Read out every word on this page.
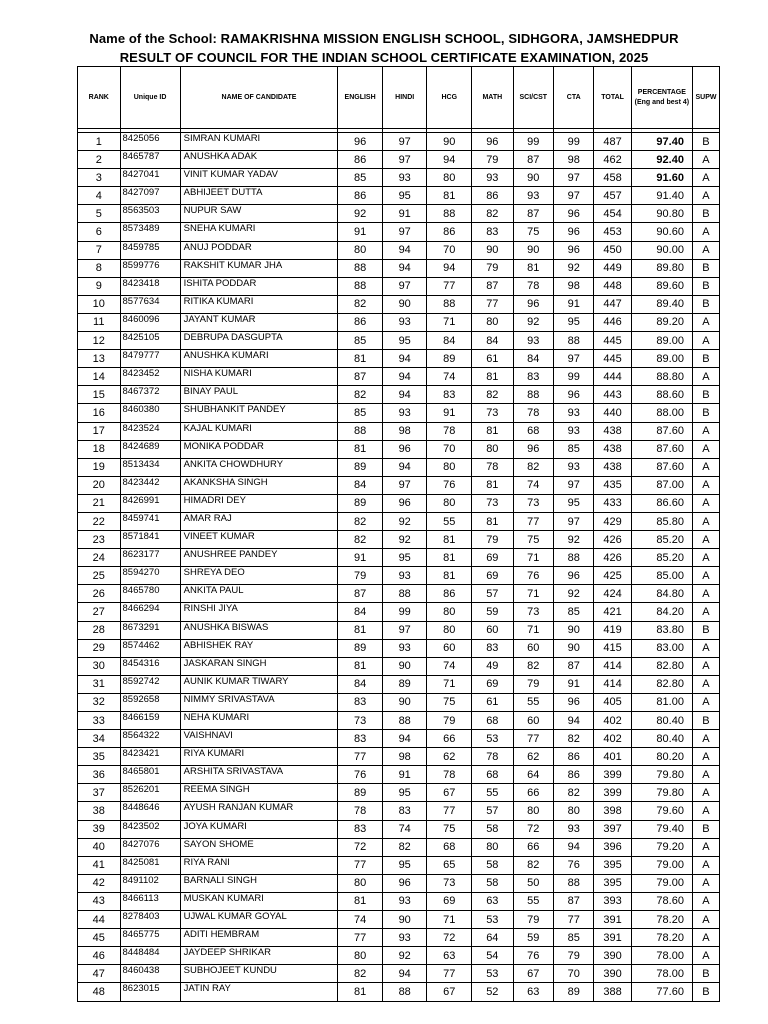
Name of the School: RAMAKRISHNA MISSION ENGLISH SCHOOL, SIDHGORA, JAMSHEDPUR
RESULT OF COUNCIL FOR THE INDIAN SCHOOL CERTIFICATE EXAMINATION, 2025
RANK	Unique ID	NAME OF CANDIDATE	ENGLISH	HINDI	HCG	MATH	SCI/CST	CTA	TOTAL	PERCENTAGE (Eng and best 4)	SUPW

1	8425056	SIMRAN KUMARI	96	97	90	96	99	99	487	97.40	B
2	8465787	ANUSHKA ADAK	86	97	94	79	87	98	462	92.40	A
3	8427041	VINIT KUMAR YADAV	85	93	80	93	90	97	458	91.60	A
4	8427097	ABHIJEET DUTTA	86	95	81	86	93	97	457	91.40	A
5	8563503	NUPUR SAW	92	91	88	82	87	96	454	90.80	B
6	8573489	SNEHA KUMARI	91	97	86	83	75	96	453	90.60	A
7	8459785	ANUJ PODDAR	80	94	70	90	90	96	450	90.00	A
8	8599776	RAKSHIT KUMAR JHA	88	94	94	79	81	92	449	89.80	B
9	8423418	ISHITA PODDAR	88	97	77	87	78	98	448	89.60	B
10	8577634	RITIKA KUMARI	82	90	88	77	96	91	447	89.40	B
11	8460096	JAYANT KUMAR	86	93	71	80	92	95	446	89.20	A
12	8425105	DEBRUPA DASGUPTA	85	95	84	84	93	88	445	89.00	A
13	8479777	ANUSHKA KUMARI	81	94	89	61	84	97	445	89.00	B
14	8423452	NISHA KUMARI	87	94	74	81	83	99	444	88.80	A
15	8467372	BINAY PAUL	82	94	83	82	88	96	443	88.60	B
16	8460380	SHUBHANKIT PANDEY	85	93	91	73	78	93	440	88.00	B
17	8423524	KAJAL KUMARI	88	98	78	81	68	93	438	87.60	A
18	8424689	MONIKA PODDAR	81	96	70	80	96	85	438	87.60	A
19	8513434	ANKITA CHOWDHURY	89	94	80	78	82	93	438	87.60	A
20	8423442	AKANKSHA SINGH	84	97	76	81	74	97	435	87.00	A
21	8426991	HIMADRI DEY	89	96	80	73	73	95	433	86.60	A
22	8459741	AMAR RAJ	82	92	55	81	77	97	429	85.80	A
23	8571841	VINEET KUMAR	82	92	81	79	75	92	426	85.20	A
24	8623177	ANUSHREE PANDEY	91	95	81	69	71	88	426	85.20	A
25	8594270	SHREYA DEO	79	93	81	69	76	96	425	85.00	A
26	8465780	ANKITA PAUL	87	88	86	57	71	92	424	84.80	A
27	8466294	RINSHI JIYA	84	99	80	59	73	85	421	84.20	A
28	8673291	ANUSHKA BISWAS	81	97	80	60	71	90	419	83.80	B
29	8574462	ABHISHEK RAY	89	93	60	83	60	90	415	83.00	A
30	8454316	JASKARAN SINGH	81	90	74	49	82	87	414	82.80	A
31	8592742	AUNIK KUMAR TIWARY	84	89	71	69	79	91	414	82.80	A
32	8592658	NIMMY SRIVASTAVA	83	90	75	61	55	96	405	81.00	A
33	8466159	NEHA KUMARI	73	88	79	68	60	94	402	80.40	B
34	8564322	VAISHNAVI	83	94	66	53	77	82	402	80.40	A
35	8423421	RIYA KUMARI	77	98	62	78	62	86	401	80.20	A
36	8465801	ARSHITA SRIVASTAVA	76	91	78	68	64	86	399	79.80	A
37	8526201	REEMA SINGH	89	95	67	55	66	82	399	79.80	A
38	8448646	AYUSH RANJAN KUMAR	78	83	77	57	80	80	398	79.60	A
39	8423502	JOYA KUMARI	83	74	75	58	72	93	397	79.40	B
40	8427076	SAYON SHOME	72	82	68	80	66	94	396	79.20	A
41	8425081	RIYA RANI	77	95	65	58	82	76	395	79.00	A
42	8491102	BARNALI SINGH	80	96	73	58	50	88	395	79.00	A
43	8466113	MUSKAN KUMARI	81	93	69	63	55	87	393	78.60	A
44	8278403	UJWAL KUMAR GOYAL	74	90	71	53	79	77	391	78.20	A
45	8465775	ADITI HEMBRAM	77	93	72	64	59	85	391	78.20	A
46	8448484	JAYDEEP SHRIKAR	80	92	63	54	76	79	390	78.00	A
47	8460438	SUBHOJEET KUNDU	82	94	77	53	67	70	390	78.00	B
48	8623015	JATIN RAY	81	88	67	52	63	89	388	77.60	B
